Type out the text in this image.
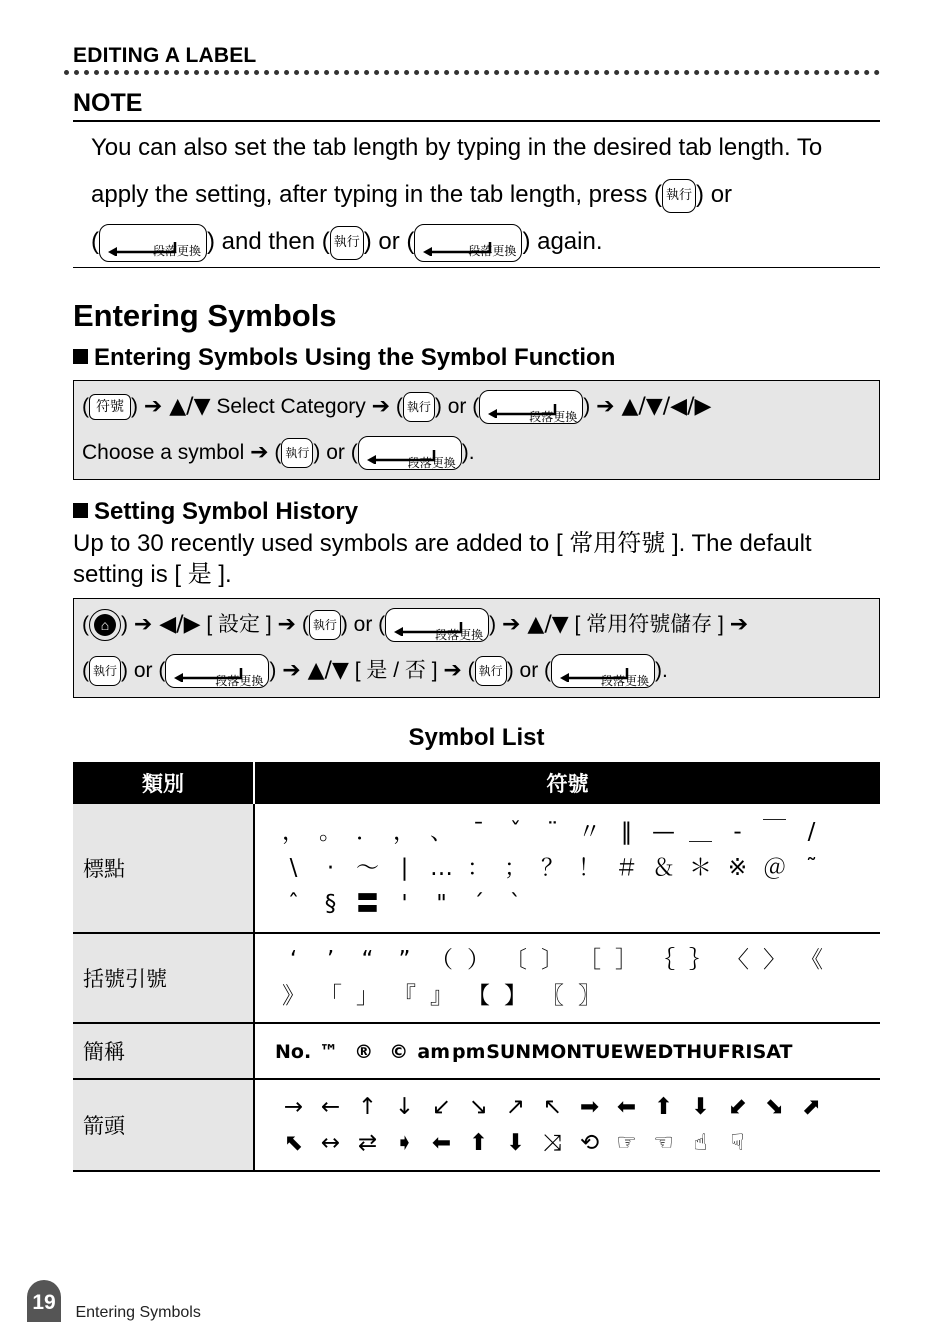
EDITING A LABEL
NOTE
You can also set the tab length by typing in the desired tab length. To
apply the setting, after typing in the tab length, press ( 執行 ) or
(	段落更換 ) and then ( 執行 ) or (	段落更換 ) again.
Entering Symbols
Entering Symbols Using the Symbol Function
( 符號 ) ➔ ▲/▼ Select Category ➔ ( 執行 ) or (	段落更換 ) ➔ ▲/▼/◀/▶
Choose a symbol ➔ ( 執行 ) or (	段落更換 ).
Setting Symbol History
Up to 30 recently used symbols are added to [ 常用符號 ]. The default setting is [ 是 ].
( ⌂ ) ➔ ◀/▶ [ 設定 ] ➔ ( 執行 ) or (	段落更換 ) ➔ ▲/▼ [ 常用符號儲存 ] ➔
( 執行 ) or (	段落更換 ) ➔ ▲/▼ [ 是 / 否 ] ➔ ( 執行 ) or (	段落更換 ).
Symbol List
類別	符號
標點	， 。 ． ， 、 ˉ ˇ ¨ 〃 ‖ — ＿ - ￣ /\ · ～ | … ： ； ？ ！ ＃ ＆ ＊ ※ ＠ ˜ˆ § 〓 ' " ˊ ˋ
括號引號	‘ ’ “ ” （ ） 〔 〕 ［ ］ ｛ ｝ 〈 〉 《》 「 」 『 』 【 】 〖 〗
簡稱	No. ™ ® © am pmSUNMONTUEWEDTHUFRISAT
箭頭	→ ← ↑ ↓ ↙ ↘ ↗ ↖ ➡ ⬅ ⬆ ⬇ ⬋ ⬊ ⬈⬉ ↔ ⇄ ➧ ⬅ ⬆ ⬇ ⤨ ⟲ ☞ ☜ ☝ ☟
19 Entering Symbols
